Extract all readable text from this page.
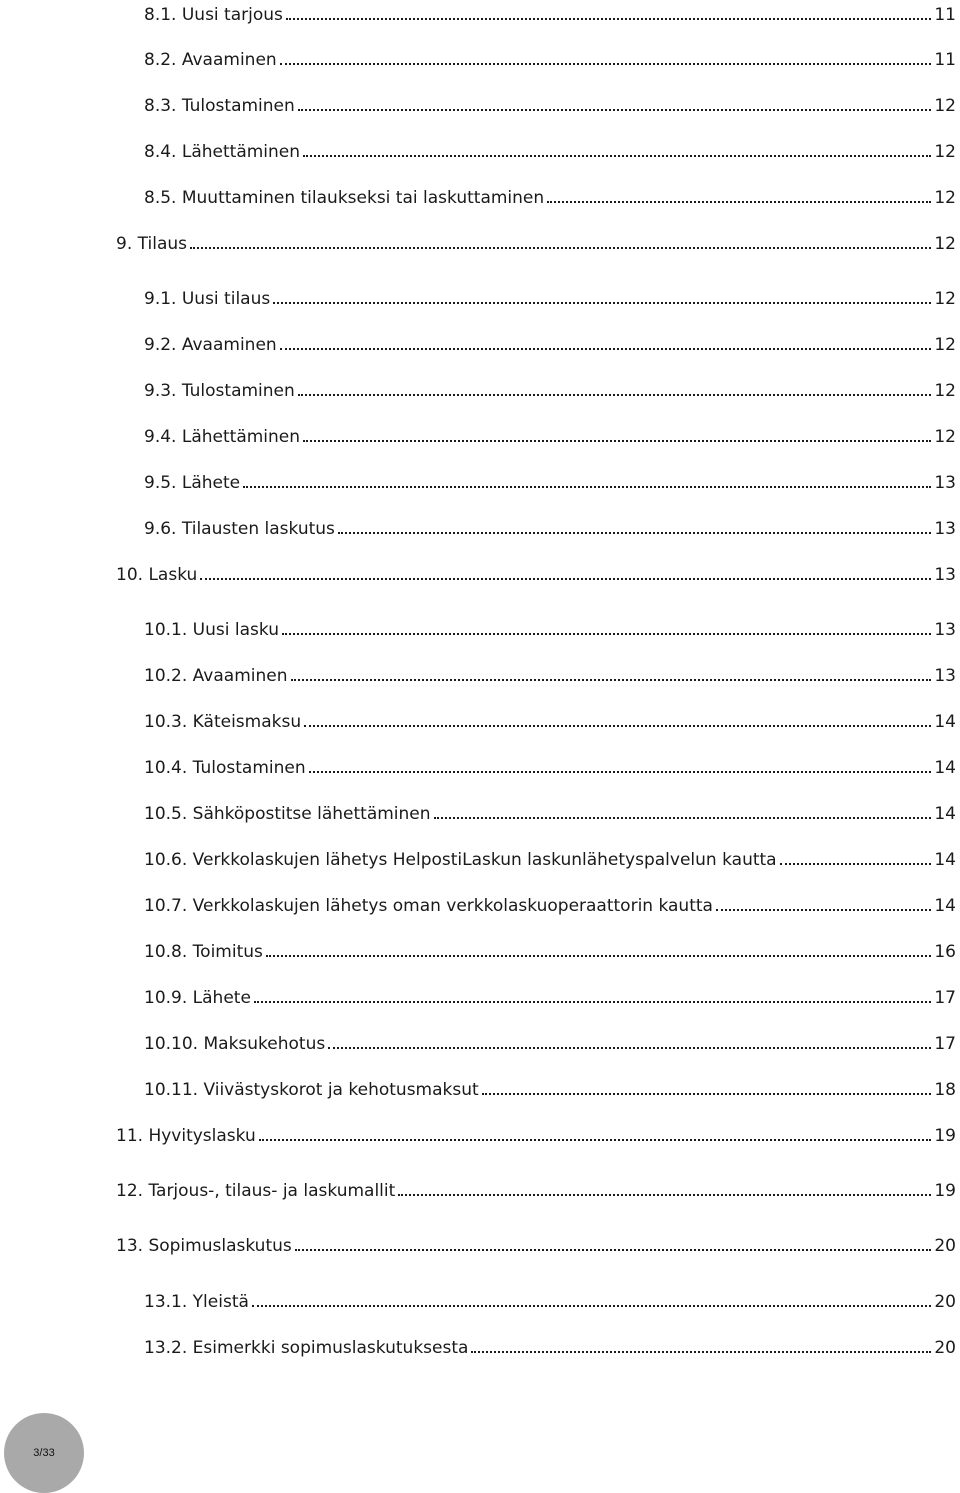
8.1. Uusi tarjous	11
8.2. Avaaminen	11
8.3. Tulostaminen	12
8.4. Lähettäminen	12
8.5. Muuttaminen tilaukseksi tai laskuttaminen	12
9. Tilaus	12
9.1. Uusi tilaus	12
9.2. Avaaminen	12
9.3. Tulostaminen	12
9.4. Lähettäminen	12
9.5. Lähete	13
9.6. Tilausten laskutus	13
10. Lasku	13
10.1. Uusi lasku	13
10.2. Avaaminen	13
10.3. Käteismaksu	14
10.4. Tulostaminen	14
10.5. Sähköpostitse lähettäminen	14
10.6. Verkkolaskujen lähetys HelpostiLaskun laskunlähetyspalvelun kautta	14
10.7. Verkkolaskujen lähetys oman verkkolaskuoperaattorin kautta	14
10.8. Toimitus	16
10.9. Lähete	17
10.10. Maksukehotus	17
10.11. Viivästyskorot ja kehotusmaksut	18
11. Hyvityslasku	19
12. Tarjous-, tilaus- ja laskumallit	19
13. Sopimuslaskutus	20
13.1. Yleistä	20
13.2. Esimerkki sopimuslaskutuksesta	20
3/33
